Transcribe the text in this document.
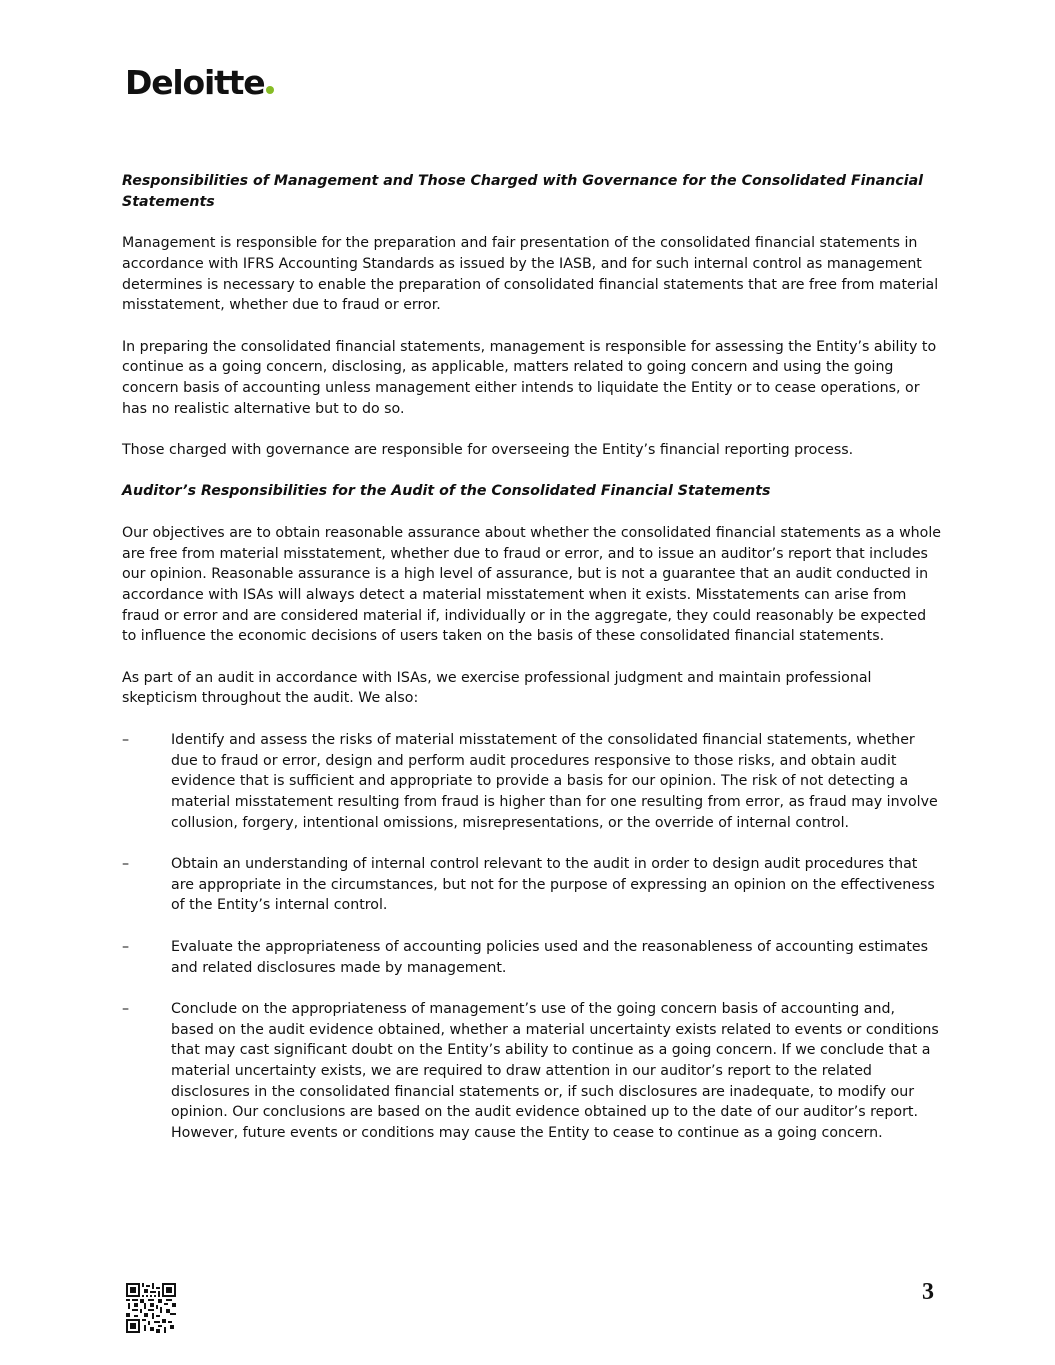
Deloitte

Responsibilities of Management and Those Charged with Governance for the Consolidated Financial Statements

Management is responsible for the preparation and fair presentation of the consolidated financial statements in accordance with IFRS Accounting Standards as issued by the IASB, and for such internal control as management determines is necessary to enable the preparation of consolidated financial statements that are free from material misstatement, whether due to fraud or error.

In preparing the consolidated financial statements, management is responsible for assessing the Entity’s ability to continue as a going concern, disclosing, as applicable, matters related to going concern and using the going concern basis of accounting unless management either intends to liquidate the Entity or to cease operations, or has no realistic alternative but to do so.

Those charged with governance are responsible for overseeing the Entity’s financial reporting process.

Auditor’s Responsibilities for the Audit of the Consolidated Financial Statements

Our objectives are to obtain reasonable assurance about whether the consolidated financial statements as a whole are free from material misstatement, whether due to fraud or error, and to issue an auditor’s report that includes our opinion. Reasonable assurance is a high level of assurance, but is not a guarantee that an audit conducted in accordance with ISAs will always detect a material misstatement when it exists. Misstatements can arise from fraud or error and are considered material if, individually or in the aggregate, they could reasonably be expected to influence the economic decisions of users taken on the basis of these consolidated financial statements.

As part of an audit in accordance with ISAs, we exercise professional judgment and maintain professional skepticism throughout the audit. We also:

–	Identify and assess the risks of material misstatement of the consolidated financial statements, whether due to fraud or error, design and perform audit procedures responsive to those risks, and obtain audit evidence that is sufficient and appropriate to provide a basis for our opinion. The risk of not detecting a material misstatement resulting from fraud is higher than for one resulting from error, as fraud may involve collusion, forgery, intentional omissions, misrepresentations, or the override of internal control.
–	Obtain an understanding of internal control relevant to the audit in order to design audit procedures that are appropriate in the circumstances, but not for the purpose of expressing an opinion on the effectiveness of the Entity’s internal control.
–	Evaluate the appropriateness of accounting policies used and the reasonableness of accounting estimates and related disclosures made by management.
–	Conclude on the appropriateness of management’s use of the going concern basis of accounting and, based on the audit evidence obtained, whether a material uncertainty exists related to events or conditions that may cast significant doubt on the Entity’s ability to continue as a going concern. If we conclude that a material uncertainty exists, we are required to draw attention in our auditor’s report to the related disclosures in the consolidated financial statements or, if such disclosures are inadequate, to modify our opinion. Our conclusions are based on the audit evidence obtained up to the date of our auditor’s report. However, future events or conditions may cause the Entity to cease to continue as a going concern.
3
